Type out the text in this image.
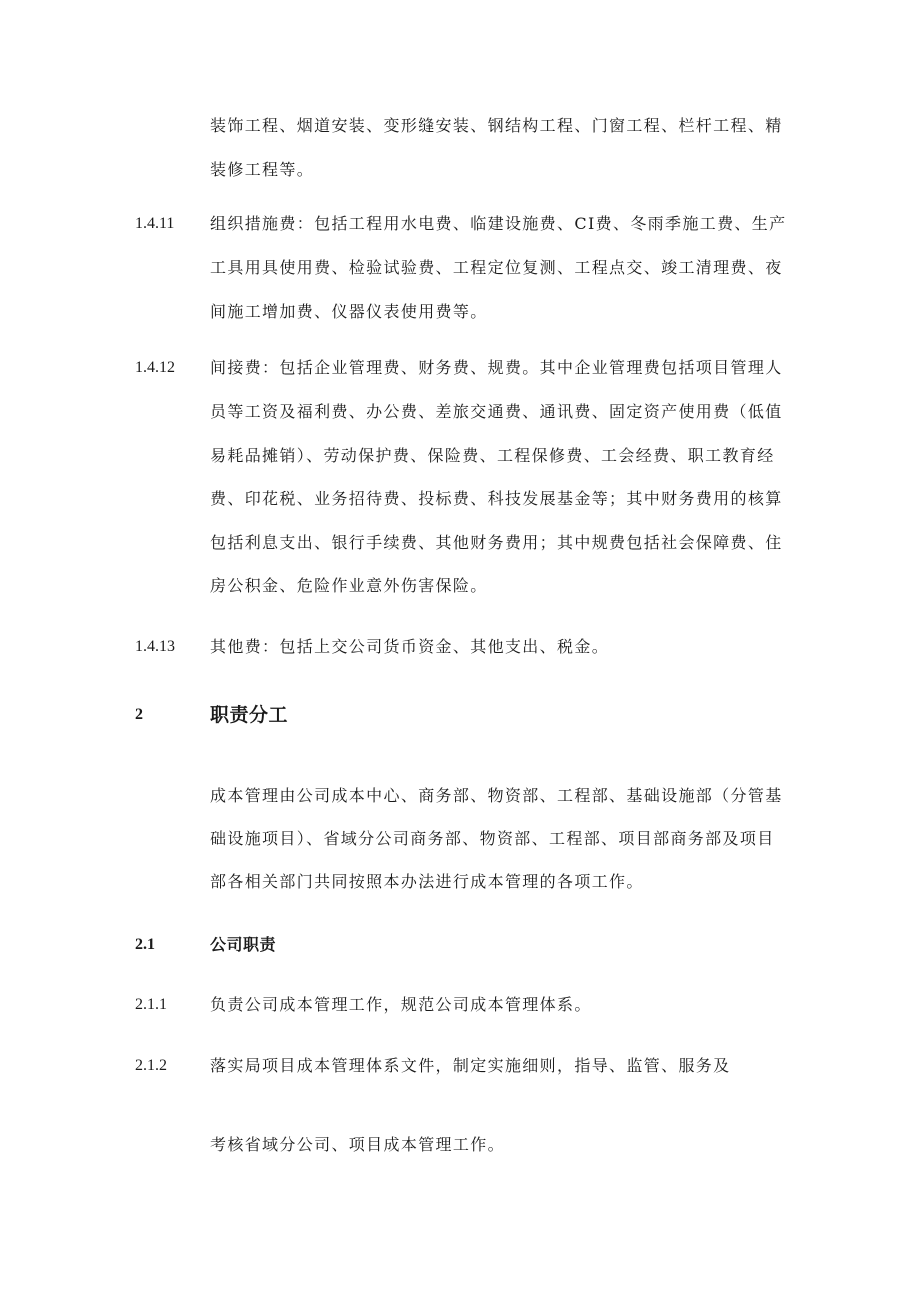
装饰工程、烟道安装、变形缝安装、钢结构工程、门窗工程、栏杆工程、精
装修工程等。
1.4.11 组织措施费：包括工程用水电费、临建设施费、CI费、冬雨季施工费、生产
工具用具使用费、检验试验费、工程定位复测、工程点交、竣工清理费、夜
间施工增加费、仪器仪表使用费等。
1.4.12 间接费：包括企业管理费、财务费、规费。其中企业管理费包括项目管理人
员等工资及福利费、办公费、差旅交通费、通讯费、固定资产使用费（低值
易耗品摊销）、劳动保护费、保险费、工程保修费、工会经费、职工教育经
费、印花税、业务招待费、投标费、科技发展基金等；其中财务费用的核算
包括利息支出、银行手续费、其他财务费用；其中规费包括社会保障费、住
房公积金、危险作业意外伤害保险。
1.4.13 其他费：包括上交公司货币资金、其他支出、税金。
2	职责分工
成本管理由公司成本中心、商务部、物资部、工程部、基础设施部（分管基
础设施项目）、省域分公司商务部、物资部、工程部、项目部商务部及项目
部各相关部门共同按照本办法进行成本管理的各项工作。
2.1	公司职责
2.1.1	负责公司成本管理工作，规范公司成本管理体系。
2.1.2	落实局项目成本管理体系文件，制定实施细则，指导、监管、服务及
考核省域分公司、项目成本管理工作。
